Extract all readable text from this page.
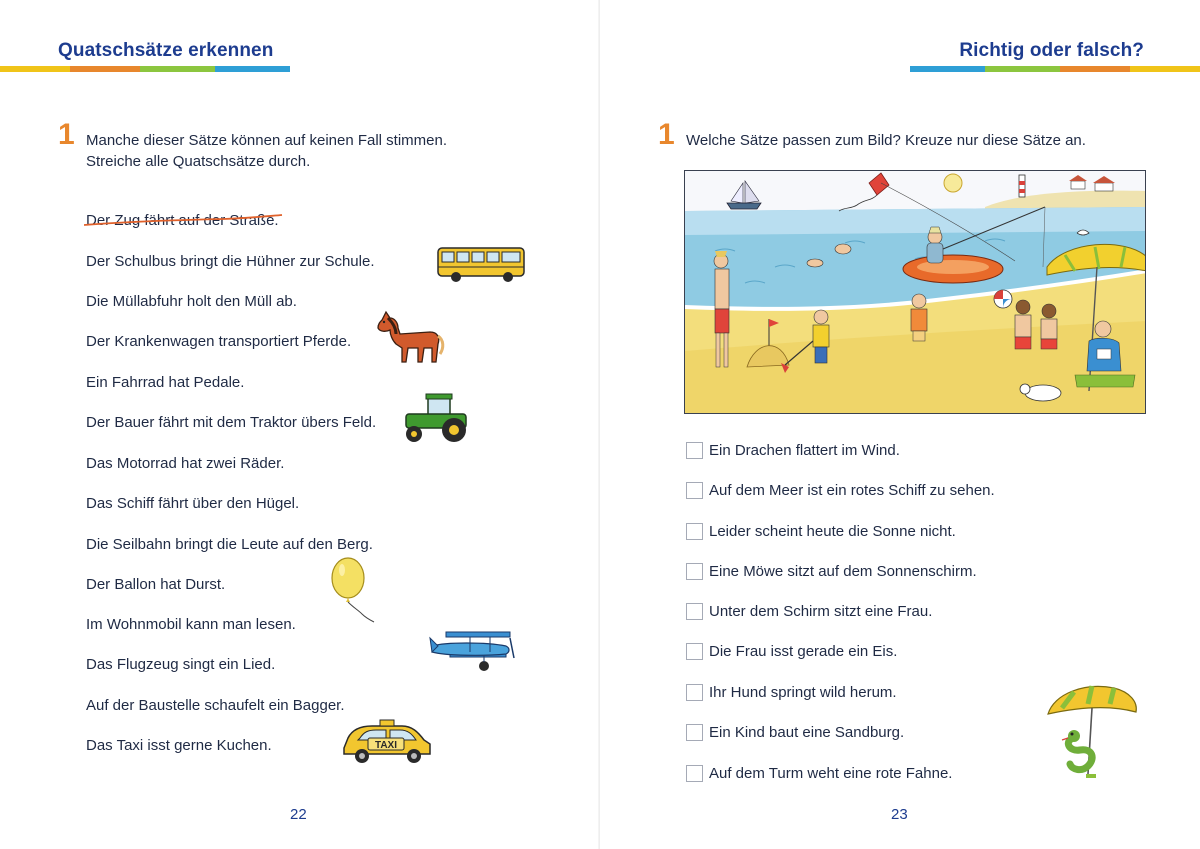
Quatschsätze erkennen
1 Manche dieser Sätze können auf keinen Fall stimmen.
Streiche alle Quatschsätze durch.
Der Zug fährt auf der Straße.
Der Schulbus bringt die Hühner zur Schule.
Die Müllabfuhr holt den Müll ab.
Der Krankenwagen transportiert Pferde.
Ein Fahrrad hat Pedale.
Der Bauer fährt mit dem Traktor übers Feld.
Das Motorrad hat zwei Räder.
Das Schiff fährt über den Hügel.
Die Seilbahn bringt die Leute auf den Berg.
Der Ballon hat Durst.
Im Wohnmobil kann man lesen.
Das Flugzeug singt ein Lied.
Auf der Baustelle schaufelt ein Bagger.
Das Taxi isst gerne Kuchen.	TAXI
22
Richtig oder falsch?
1 Welche Sätze passen zum Bild? Kreuze nur diese Sätze an.
Ein Drachen flattert im Wind.
Auf dem Meer ist ein rotes Schiff zu sehen.
Leider scheint heute die Sonne nicht.
Eine Möwe sitzt auf dem Sonnenschirm.
Unter dem Schirm sitzt eine Frau.
Die Frau isst gerade ein Eis.
Ihr Hund springt wild herum.
Ein Kind baut eine Sandburg.
Auf dem Turm weht eine rote Fahne.
23
